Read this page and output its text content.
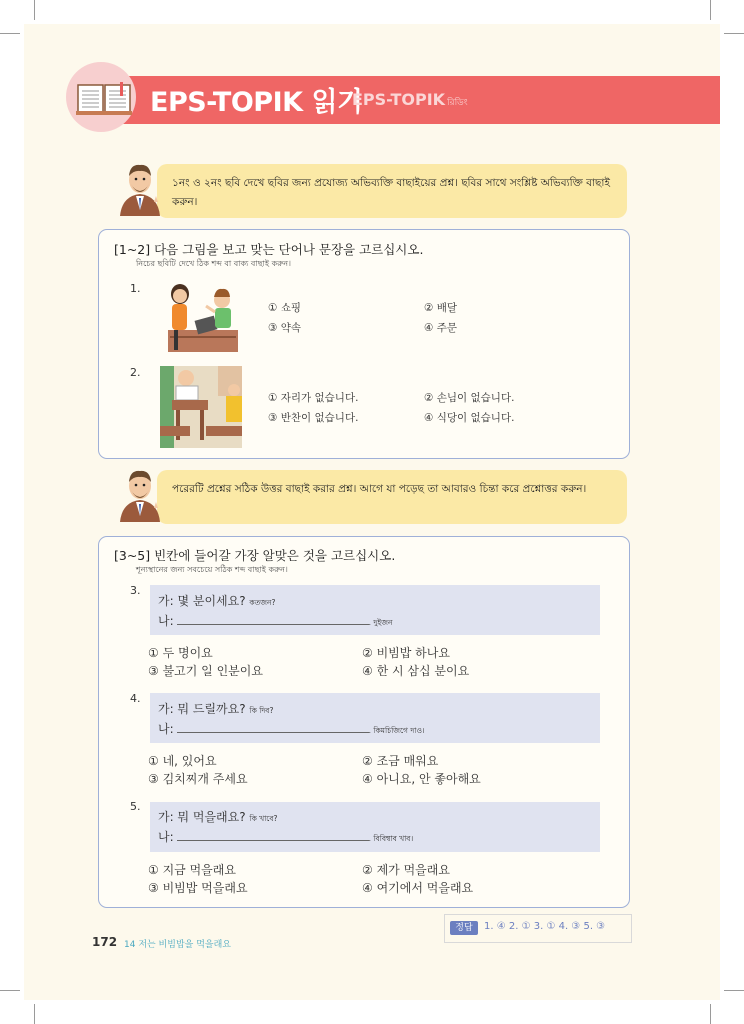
EPS-TOPIK 읽기
EPS-TOPIK রিডিং
১নং ও ২নং ছবি দেখে ছবির জন্য প্রযোজ্য অভিব্যক্তি বাছাইয়ের প্রশ্ন। ছবির সাথে সংশ্লিষ্ট অভিব্যক্তি বাছাই করুন।
[1~2] 다음 그림을 보고 맞는 단어나 문장을 고르십시오.
নিচের ছবিটি দেখে ঠিক শব্দ বা বাক্য বাছাই করুন।
1.
① 쇼핑	② 배달
③ 약속	④ 주문
2.
① 자리가 없습니다.	② 손님이 없습니다.
③ 반찬이 없습니다.	④ 식당이 없습니다.
পরেরটি প্রশ্নের সঠিক উত্তর বাছাই করার প্রশ্ন। আগে যা পড়েছ তা আবারও চিন্তা করে প্রশ্নোত্তর করুন।
[3~5] 빈칸에 들어갈 가장 알맞은 것을 고르십시오.
শূন্যস্থানের জন্য সবচেয়ে সঠিক শব্দ বাছাই করুন।
3.
가: 몇 분이세요? কতজন?
나:	. দুইজন
① 두 명이요	② 비빔밥 하나요
③ 불고기 일 인분이요	④ 한 시 삼십 분이요
4.
가: 뭐 드릴까요? কি দিব?
나:	. কিমচিজিগে দাও।
① 네, 있어요	② 조금 매워요
③ 김치찌개 주세요	④ 아니요, 안 좋아해요
5.
가: 뭐 먹을래요? কি খাবে?
나:	. বিবিম্বাব খাব।
① 지금 먹을래요	② 제가 먹을래요
③ 비빔밥 먹을래요	④ 여기에서 먹을래요
정답	1. ④ 2. ① 3. ① 4. ③ 5. ③
172 14 저는 비빔밥을 먹을래요
